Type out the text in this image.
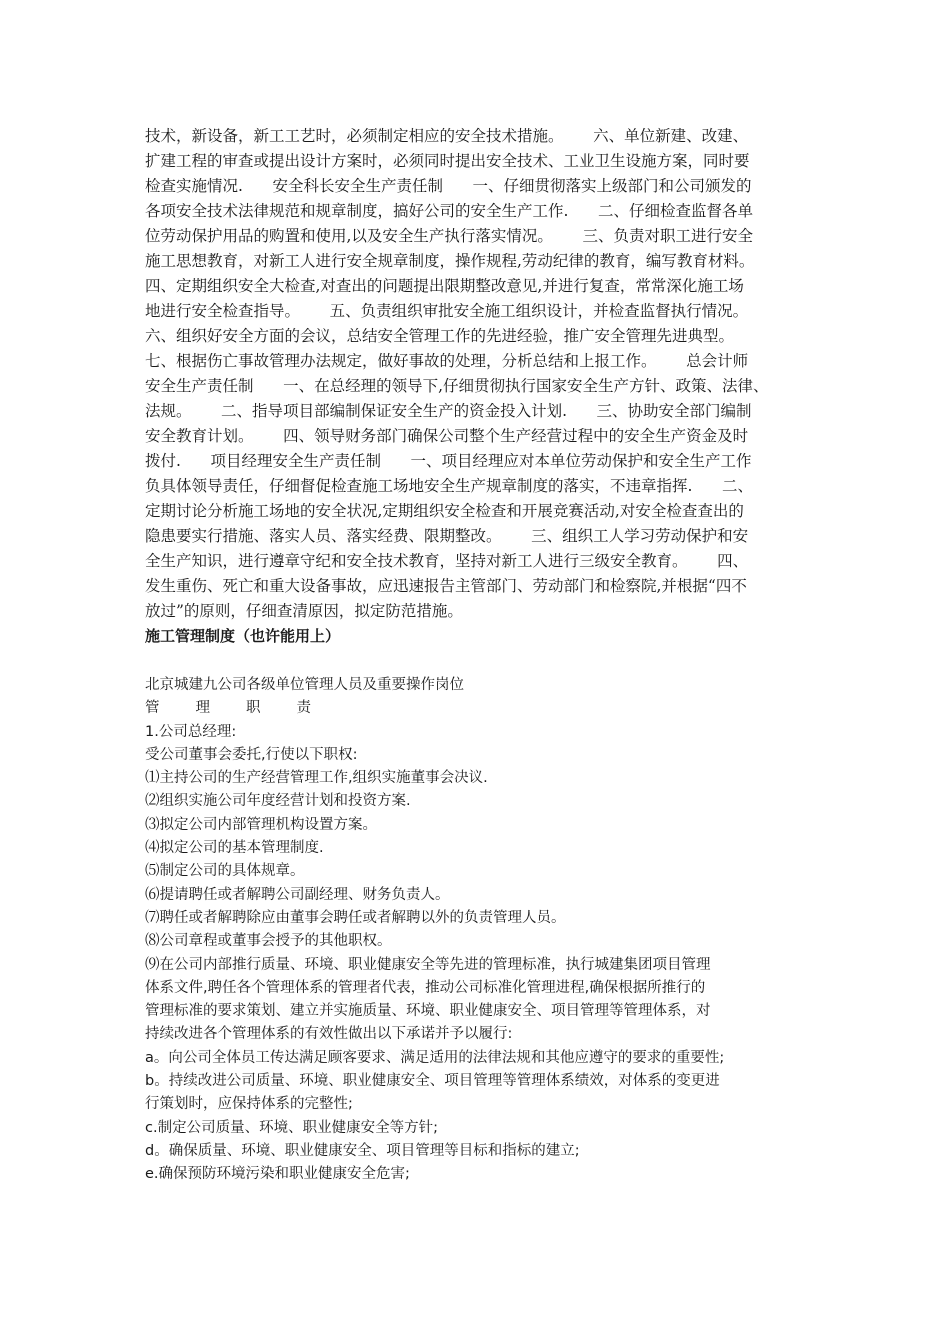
技术，新设备，新工工艺时，必须制定相应的安全技术措施。      六、单位新建、改建、
扩建工程的审查或提出设计方案时，必须同时提出安全技术、工业卫生设施方案，同时要
检查实施情况.      安全科长安全生产责任制      一、仔细贯彻落实上级部门和公司颁发的
各项安全技术法律规范和规章制度，搞好公司的安全生产工作.      二、仔细检查监督各单
位劳动保护用品的购置和使用,以及安全生产执行落实情况。      三、负责对职工进行安全
施工思想教育，对新工人进行安全规章制度，操作规程,劳动纪律的教育，编写教育材料。
四、定期组织安全大检查,对查出的问题提出限期整改意见,并进行复查，常常深化施工场
地进行安全检查指导。      五、负责组织审批安全施工组织设计，并检查监督执行情况。
六、组织好安全方面的会议，总结安全管理工作的先进经验，推广安全管理先进典型。
七、根据伤亡事故管理办法规定，做好事故的处理，分析总结和上报工作。      总会计师
安全生产责任制      一、在总经理的领导下,仔细贯彻执行国家安全生产方针、政策、法律、
法规。      二、指导项目部编制保证安全生产的资金投入计划.      三、协助安全部门编制
安全教育计划。      四、领导财务部门确保公司整个生产经营过程中的安全生产资金及时
拨付.      项目经理安全生产责任制      一、项目经理应对本单位劳动保护和安全生产工作
负具体领导责任，仔细督促检查施工场地安全生产规章制度的落实，不违章指挥.      二、
定期讨论分析施工场地的安全状况,定期组织安全检查和开展竞赛活动,对安全检查查出的
隐患要实行措施、落实人员、落实经费、限期整改。      三、组织工人学习劳动保护和安
全生产知识，进行遵章守纪和安全技术教育，坚持对新工人进行三级安全教育。      四、
发生重伤、死亡和重大设备事故，应迅速报告主管部门、劳动部门和检察院,并根据“四不
放过”的原则，仔细查清原因，拟定防范措施。
施工管理制度（也许能用上）
北京城建九公司各级单位管理人员及重要操作岗位
管理职责
1.公司总经理:
受公司董事会委托,行使以下职权:
⑴主持公司的生产经营管理工作,组织实施董事会决议.
⑵组织实施公司年度经营计划和投资方案.
⑶拟定公司内部管理机构设置方案。
⑷拟定公司的基本管理制度.
⑸制定公司的具体规章。
⑹提请聘任或者解聘公司副经理、财务负责人。
⑺聘任或者解聘除应由董事会聘任或者解聘以外的负责管理人员。
⑻公司章程或董事会授予的其他职权。
⑼在公司内部推行质量、环境、职业健康安全等先进的管理标准，执行城建集团项目管理
体系文件,聘任各个管理体系的管理者代表，推动公司标准化管理进程,确保根据所推行的
管理标准的要求策划、建立并实施质量、环境、职业健康安全、项目管理等管理体系，对
持续改进各个管理体系的有效性做出以下承诺并予以履行:
a。向公司全体员工传达满足顾客要求、满足适用的法律法规和其他应遵守的要求的重要性;
b。持续改进公司质量、环境、职业健康安全、项目管理等管理体系绩效，对体系的变更进
行策划时，应保持体系的完整性;
c.制定公司质量、环境、职业健康安全等方针;
d。确保质量、环境、职业健康安全、项目管理等目标和指标的建立;
e.确保预防环境污染和职业健康安全危害;
